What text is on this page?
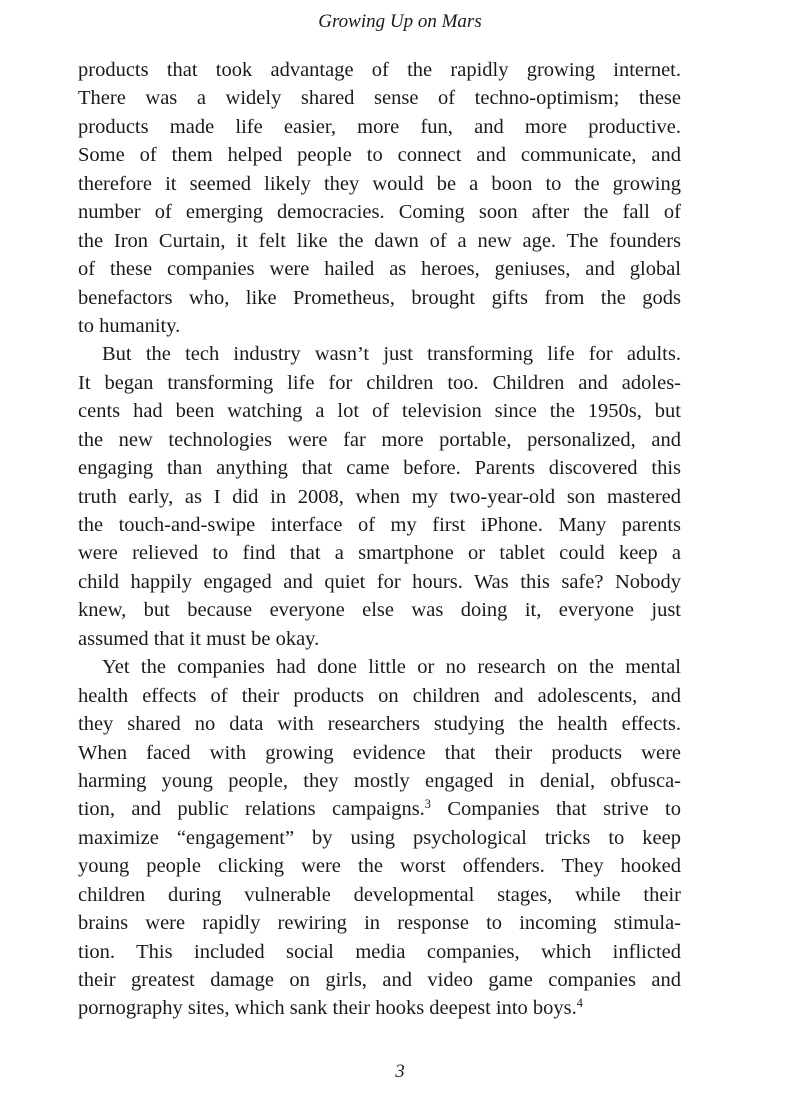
Growing Up on Mars
products that took advantage of the rapidly growing internet.
There was a widely shared sense of techno-optimism; these
products made life easier, more fun, and more productive.
Some of them helped people to connect and communicate, and
therefore it seemed likely they would be a boon to the growing
number of emerging democracies. Coming soon after the fall of
the Iron Curtain, it felt like the dawn of a new age. The founders
of these companies were hailed as heroes, geniuses, and global
benefactors who, like Prometheus, brought gifts from the gods
to humanity.
But the tech industry wasn’t just transforming life for adults.
It began transforming life for children too. Children and adoles-
cents had been watching a lot of television since the 1950s, but
the new technologies were far more portable, personalized, and
engaging than anything that came before. Parents discovered this
truth early, as I did in 2008, when my two-year-old son mastered
the touch-and-swipe interface of my first iPhone. Many parents
were relieved to find that a smartphone or tablet could keep a
child happily engaged and quiet for hours. Was this safe? Nobody
knew, but because everyone else was doing it, everyone just
assumed that it must be okay.
Yet the companies had done little or no research on the mental
health effects of their products on children and adolescents, and
they shared no data with researchers studying the health effects.
When faced with growing evidence that their products were
harming young people, they mostly engaged in denial, obfusca-
tion, and public relations campaigns.$^3$ Companies that strive to
maximize “engagement” by using psychological tricks to keep
young people clicking were the worst offenders. They hooked
children during vulnerable developmental stages, while their
brains were rapidly rewiring in response to incoming stimula-
tion. This included social media companies, which inflicted
their greatest damage on girls, and video game companies and
pornography sites, which sank their hooks deepest into boys.$^4$
3
